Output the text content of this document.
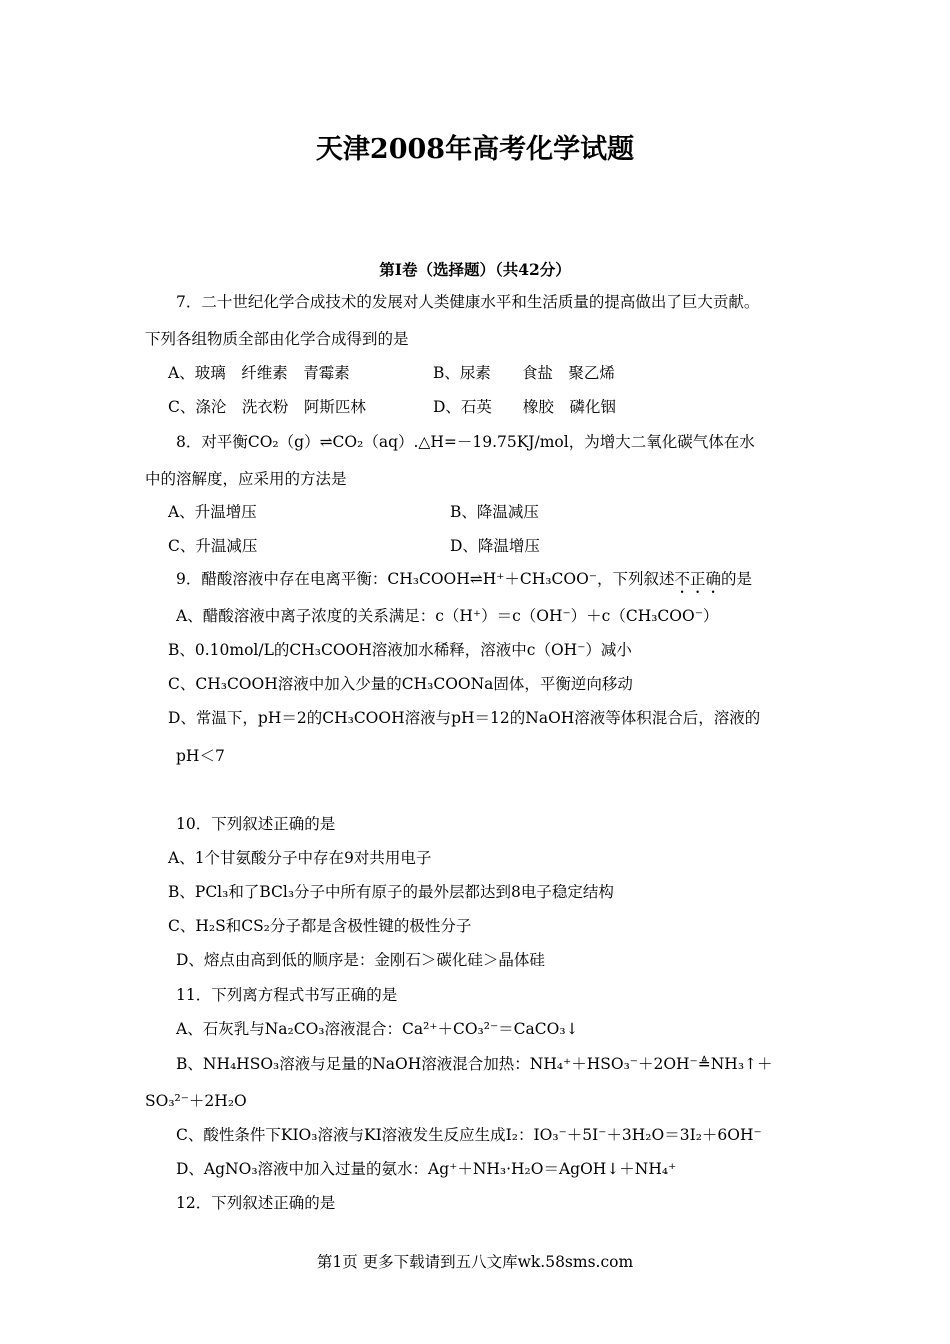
天津2008年高考化学试题
第I卷（选择题）（共42分）
7．二十世纪化学合成技术的发展对人类健康水平和生活质量的提高做出了巨大贡献。
下列各组物质全部由化学合成得到的是
A、玻璃　纤维素　青霉素	B、尿素　　食盐　聚乙烯
C、涤沦　洗衣粉　阿斯匹林	D、石英　　橡胶　磷化铟
8．对平衡CO₂（g）⇌CO₂（aq）.△H=－19.75KJ/mol，为增大二氧化碳气体在水
中的溶解度，应采用的方法是
A、升温增压	B、降温减压
C、升温减压	D、降温增压
9．醋酸溶液中存在电离平衡：CH₃COOH⇌H⁺＋CH₃COO⁻，下列叙述不正确的是
A、醋酸溶液中离子浓度的关系满足：c（H⁺）＝c（OH⁻）＋c（CH₃COO⁻）
B、0.10mol/L的CH₃COOH溶液加水稀释，溶液中c（OH⁻）减小
C、CH₃COOH溶液中加入少量的CH₃COONa固体，平衡逆向移动
D、常温下，pH＝2的CH₃COOH溶液与pH＝12的NaOH溶液等体积混合后，溶液的
pH＜7
10．下列叙述正确的是
A、1个甘氨酸分子中存在9对共用电子
B、PCl₃和了BCl₃分子中所有原子的最外层都达到8电子稳定结构
C、H₂S和CS₂分子都是含极性键的极性分子
D、熔点由高到低的顺序是：金刚石＞碳化硅＞晶体硅
11．下列离方程式书写正确的是
A、石灰乳与Na₂CO₃溶液混合：Ca²⁺＋CO₃²⁻＝CaCO₃↓
B、NH₄HSO₃溶液与足量的NaOH溶液混合加热：NH₄⁺＋HSO₃⁻＋2OH⁻≜NH₃↑＋
SO₃²⁻＋2H₂O
C、酸性条件下KIO₃溶液与KI溶液发生反应生成I₂：IO₃⁻＋5I⁻＋3H₂O＝3I₂＋6OH⁻
D、AgNO₃溶液中加入过量的氨水：Ag⁺＋NH₃·H₂O＝AgOH↓＋NH₄⁺
12．下列叙述正确的是
第1页 更多下载请到五八文库wk.58sms.com
